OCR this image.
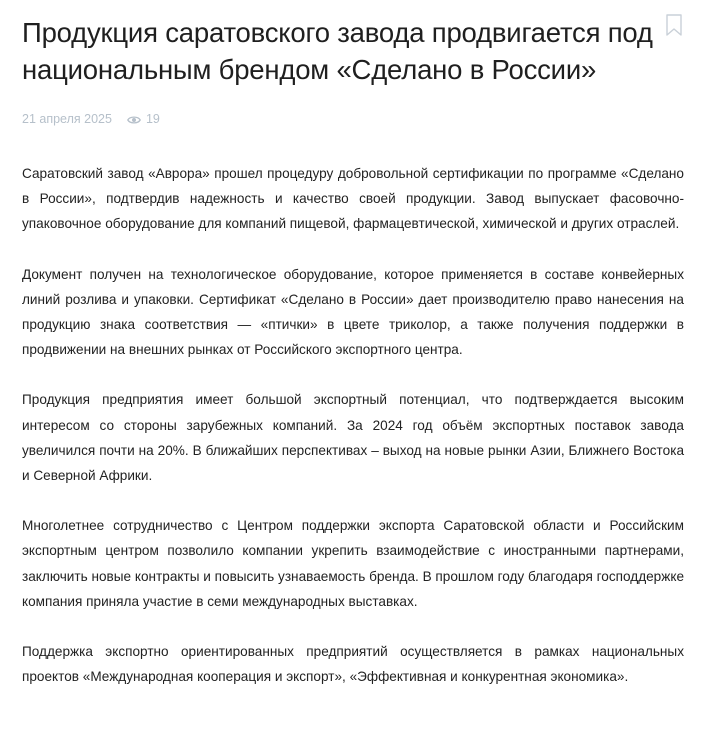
Продукция саратовского завода продвигается под национальным брендом «Сделано в России»
21 апреля 2025	19

Саратовский завод «Аврора» прошел процедуру добровольной сертификации по программе «Сделано в России», подтвердив надежность и качество своей продукции. Завод выпускает фасовочно-упаковочное оборудование для компаний пищевой, фармацевтической, химической и других отраслей.

Документ получен на технологическое оборудование, которое применяется в составе конвейерных линий розлива и упаковки. Сертификат «Сделано в России» дает производителю право нанесения на продукцию знака соответствия — «птички» в цвете триколор, а также получения поддержки в продвижении на внешних рынках от Российского экспортного центра.

Продукция предприятия имеет большой экспортный потенциал, что подтверждается высоким интересом со стороны зарубежных компаний. За 2024 год объём экспортных поставок завода увеличился почти на 20%. В ближайших перспективах – выход на новые рынки Азии, Ближнего Востока и Северной Африки.

Многолетнее сотрудничество с Центром поддержки экспорта Саратовской области и Российским экспортным центром позволило компании укрепить взаимодействие с иностранными партнерами, заключить новые контракты и повысить узнаваемость бренда. В прошлом году благодаря господдержке компания приняла участие в семи международных выставках.

Поддержка экспортно ориентированных предприятий осуществляется в рамках национальных проектов «Международная кооперация и экспорт», «Эффективная и конкурентная экономика».
